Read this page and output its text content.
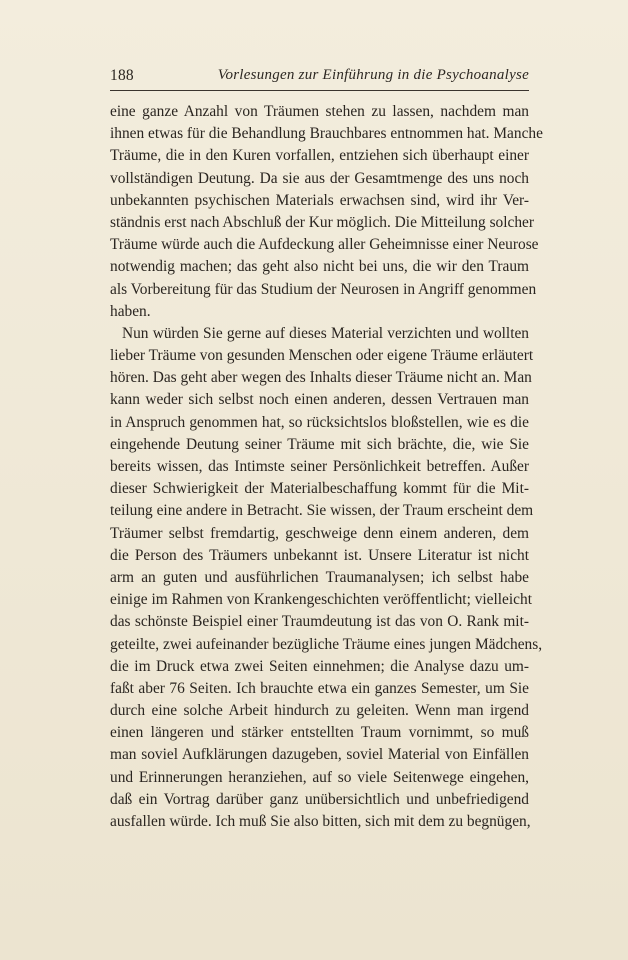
188	Vorlesungen zur Einführung in die Psychoanalyse
eine ganze Anzahl von Träumen stehen zu lassen, nachdem man
ihnen etwas für die Behandlung Brauchbares entnommen hat. Manche
Träume, die in den Kuren vorfallen, entziehen sich überhaupt einer
vollständigen Deutung. Da sie aus der Gesamtmenge des uns noch
unbekannten psychischen Materials erwachsen sind, wird ihr Ver-
ständnis erst nach Abschluß der Kur möglich. Die Mitteilung solcher
Träume würde auch die Aufdeckung aller Geheimnisse einer Neurose
notwendig machen; das geht also nicht bei uns, die wir den Traum
als Vorbereitung für das Studium der Neurosen in Angriff genommen
haben.
Nun würden Sie gerne auf dieses Material verzichten und wollten
lieber Träume von gesunden Menschen oder eigene Träume erläutert
hören. Das geht aber wegen des Inhalts dieser Träume nicht an. Man
kann weder sich selbst noch einen anderen, dessen Vertrauen man
in Anspruch genommen hat, so rücksichtslos bloßstellen, wie es die
eingehende Deutung seiner Träume mit sich brächte, die, wie Sie
bereits wissen, das Intimste seiner Persönlichkeit betreffen. Außer
dieser Schwierigkeit der Materialbeschaffung kommt für die Mit-
teilung eine andere in Betracht. Sie wissen, der Traum erscheint dem
Träumer selbst fremdartig, geschweige denn einem anderen, dem
die Person des Träumers unbekannt ist. Unsere Literatur ist nicht
arm an guten und ausführlichen Traumanalysen; ich selbst habe
einige im Rahmen von Krankengeschichten veröffentlicht; vielleicht
das schönste Beispiel einer Traumdeutung ist das von O. Rank mit-
geteilte, zwei aufeinander bezügliche Träume eines jungen Mädchens,
die im Druck etwa zwei Seiten einnehmen; die Analyse dazu um-
faßt aber 76 Seiten. Ich brauchte etwa ein ganzes Semester, um Sie
durch eine solche Arbeit hindurch zu geleiten. Wenn man irgend
einen längeren und stärker entstellten Traum vornimmt, so muß
man soviel Aufklärungen dazugeben, soviel Material von Einfällen
und Erinnerungen heranziehen, auf so viele Seitenwege eingehen,
daß ein Vortrag darüber ganz unübersichtlich und unbefriedigend
ausfallen würde. Ich muß Sie also bitten, sich mit dem zu begnügen,
